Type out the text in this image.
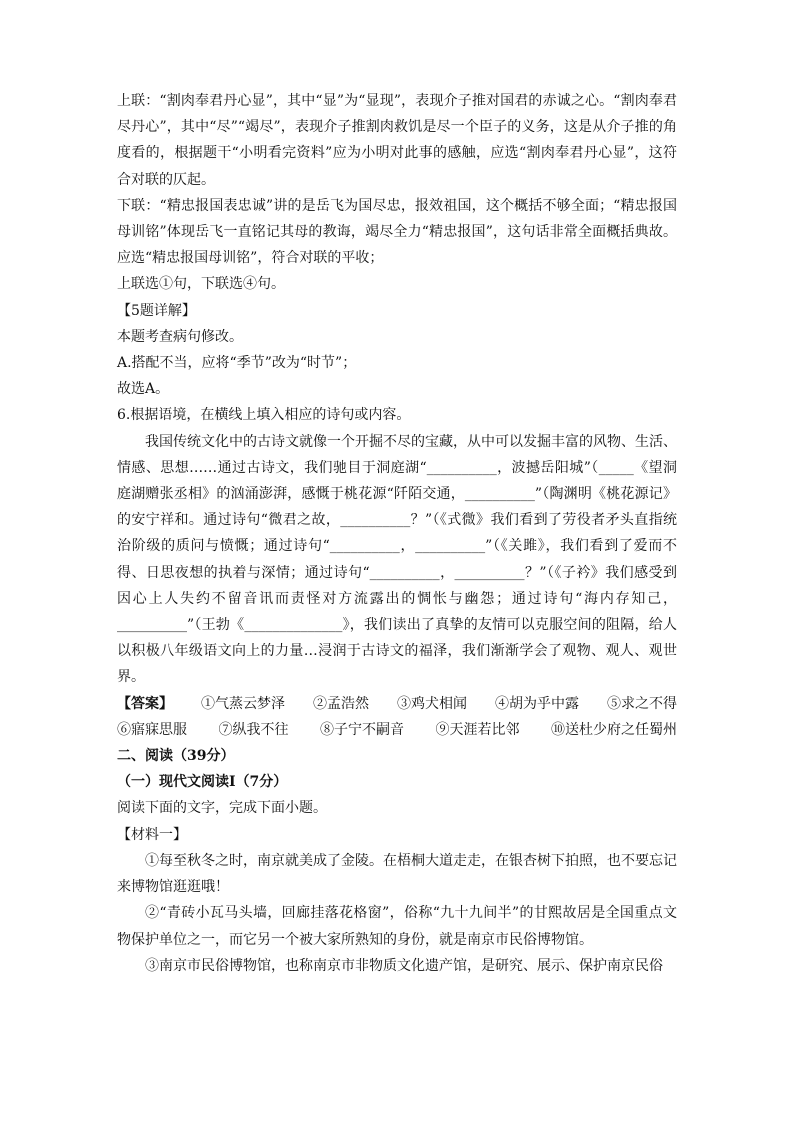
上联：“割肉奉君丹心显”，其中“显”为“显现”，表现介子推对国君的赤诚之心。“割肉奉君尽丹心”，其中“尽”“竭尽”，表现介子推割肉救饥是尽一个臣子的义务，这是从介子推的角度看的，根据题干“小明看完资料”应为小明对此事的感触，应选“割肉奉君丹心显”，这符合对联的仄起。

下联：“精忠报国表忠诚”讲的是岳飞为国尽忠，报效祖国，这个概括不够全面；“精忠报国母训铭”体现岳飞一直铭记其母的教诲，竭尽全力“精忠报国”，这句话非常全面概括典故。应选“精忠报国母训铭”，符合对联的平收；

上联选①句，下联选④句。

【5题详解】

本题考查病句修改。

A.搭配不当，应将“季节”改为“时节”；

故选A。

6.根据语境，在横线上填入相应的诗句或内容。

我国传统文化中的古诗文就像一个开掘不尽的宝藏，从中可以发掘丰富的风物、生活、情感、思想……通过古诗文，我们驰目于洞庭湖“__________，波撼岳阳城”（_____《望洞庭湖赠张丞相》的汹涌澎湃，感慨于桃花源“阡陌交通，__________”（陶渊明《桃花源记》的安宁祥和。通过诗句“微君之故，__________？”（《式微》我们看到了劳役者矛头直指统治阶级的质问与愤慨；通过诗句“__________，__________”（《关雎》，我们看到了爱而不得、日思夜想的执着与深情；通过诗句“__________，__________？”（《子衿》我们感受到因心上人失约不留音讯而责怪对方流露出的惆怅与幽怨；通过诗句“海内存知己，__________”（王勃《______________》，我们读出了真挚的友情可以克服空间的阻隔，给人以积极八年级语文向上的力量…浸润于古诗文的福泽，我们渐渐学会了观物、观人、观世界。

【答案】 ①气蒸云梦泽 ②孟浩然 ③鸡犬相闻 ④胡为乎中露 ⑤求之不得
⑥寤寐思服 ⑦纵我不往 ⑧子宁不嗣音 ⑨天涯若比邻 ⑩送杜少府之任蜀州

二、阅读（39分）

（一）现代文阅读Ⅰ（7分）

阅读下面的文字，完成下面小题。

【材料一】

①每至秋冬之时，南京就美成了金陵。在梧桐大道走走，在银杏树下拍照，也不要忘记来博物馆逛逛哦！

②“青砖小瓦马头墙，回廊挂落花格窗”，俗称“九十九间半”的甘熙故居是全国重点文物保护单位之一，而它另一个被大家所熟知的身份，就是南京市民俗博物馆。

③南京市民俗博物馆，也称南京市非物质文化遗产馆，是研究、展示、保护南京民俗
